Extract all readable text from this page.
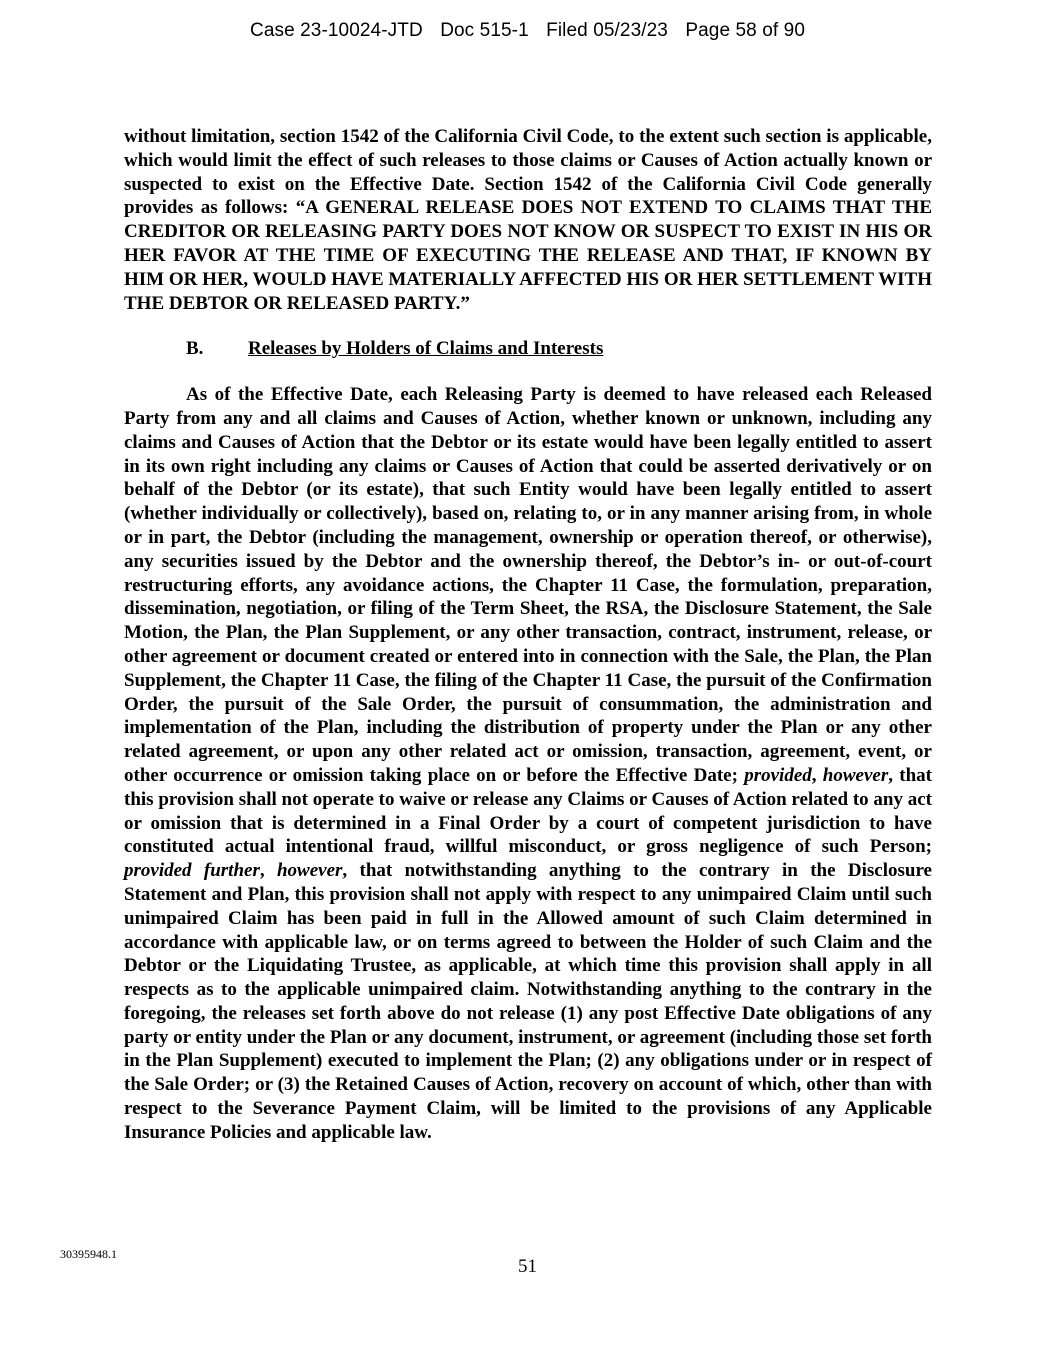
Case 23-10024-JTD Doc 515-1 Filed 05/23/23 Page 58 of 90

without limitation, section 1542 of the California Civil Code, to the extent such section is applicable, which would limit the effect of such releases to those claims or Causes of Action actually known or suspected to exist on the Effective Date. Section 1542 of the California Civil Code generally provides as follows: “A GENERAL RELEASE DOES NOT EXTEND TO CLAIMS THAT THE CREDITOR OR RELEASING PARTY DOES NOT KNOW OR SUSPECT TO EXIST IN HIS OR HER FAVOR AT THE TIME OF EXECUTING THE RELEASE AND THAT, IF KNOWN BY HIM OR HER, WOULD HAVE MATERIALLY AFFECTED HIS OR HER SETTLEMENT WITH THE DEBTOR OR RELEASED PARTY.”

B. Releases by Holders of Claims and Interests

As of the Effective Date, each Releasing Party is deemed to have released each Released Party from any and all claims and Causes of Action, whether known or unknown, including any claims and Causes of Action that the Debtor or its estate would have been legally entitled to assert in its own right including any claims or Causes of Action that could be asserted derivatively or on behalf of the Debtor (or its estate), that such Entity would have been legally entitled to assert (whether individually or collectively), based on, relating to, or in any manner arising from, in whole or in part, the Debtor (including the management, ownership or operation thereof, or otherwise), any securities issued by the Debtor and the ownership thereof, the Debtor’s in- or out-of-court restructuring efforts, any avoidance actions, the Chapter 11 Case, the formulation, preparation, dissemination, negotiation, or filing of the Term Sheet, the RSA, the Disclosure Statement, the Sale Motion, the Plan, the Plan Supplement, or any other transaction, contract, instrument, release, or other agreement or document created or entered into in connection with the Sale, the Plan, the Plan Supplement, the Chapter 11 Case, the filing of the Chapter 11 Case, the pursuit of the Confirmation Order, the pursuit of the Sale Order, the pursuit of consummation, the administration and implementation of the Plan, including the distribution of property under the Plan or any other related agreement, or upon any other related act or omission, transaction, agreement, event, or other occurrence or omission taking place on or before the Effective Date; provided, however, that this provision shall not operate to waive or release any Claims or Causes of Action related to any act or omission that is determined in a Final Order by a court of competent jurisdiction to have constituted actual intentional fraud, willful misconduct, or gross negligence of such Person; provided further, however, that notwithstanding anything to the contrary in the Disclosure Statement and Plan, this provision shall not apply with respect to any unimpaired Claim until such unimpaired Claim has been paid in full in the Allowed amount of such Claim determined in accordance with applicable law, or on terms agreed to between the Holder of such Claim and the Debtor or the Liquidating Trustee, as applicable, at which time this provision shall apply in all respects as to the applicable unimpaired claim. Notwithstanding anything to the contrary in the foregoing, the releases set forth above do not release (1) any post Effective Date obligations of any party or entity under the Plan or any document, instrument, or agreement (including those set forth in the Plan Supplement) executed to implement the Plan; (2) any obligations under or in respect of the Sale Order; or (3) the Retained Causes of Action, recovery on account of which, other than with respect to the Severance Payment Claim, will be limited to the provisions of any Applicable Insurance Policies and applicable law.

30395948.1
51
